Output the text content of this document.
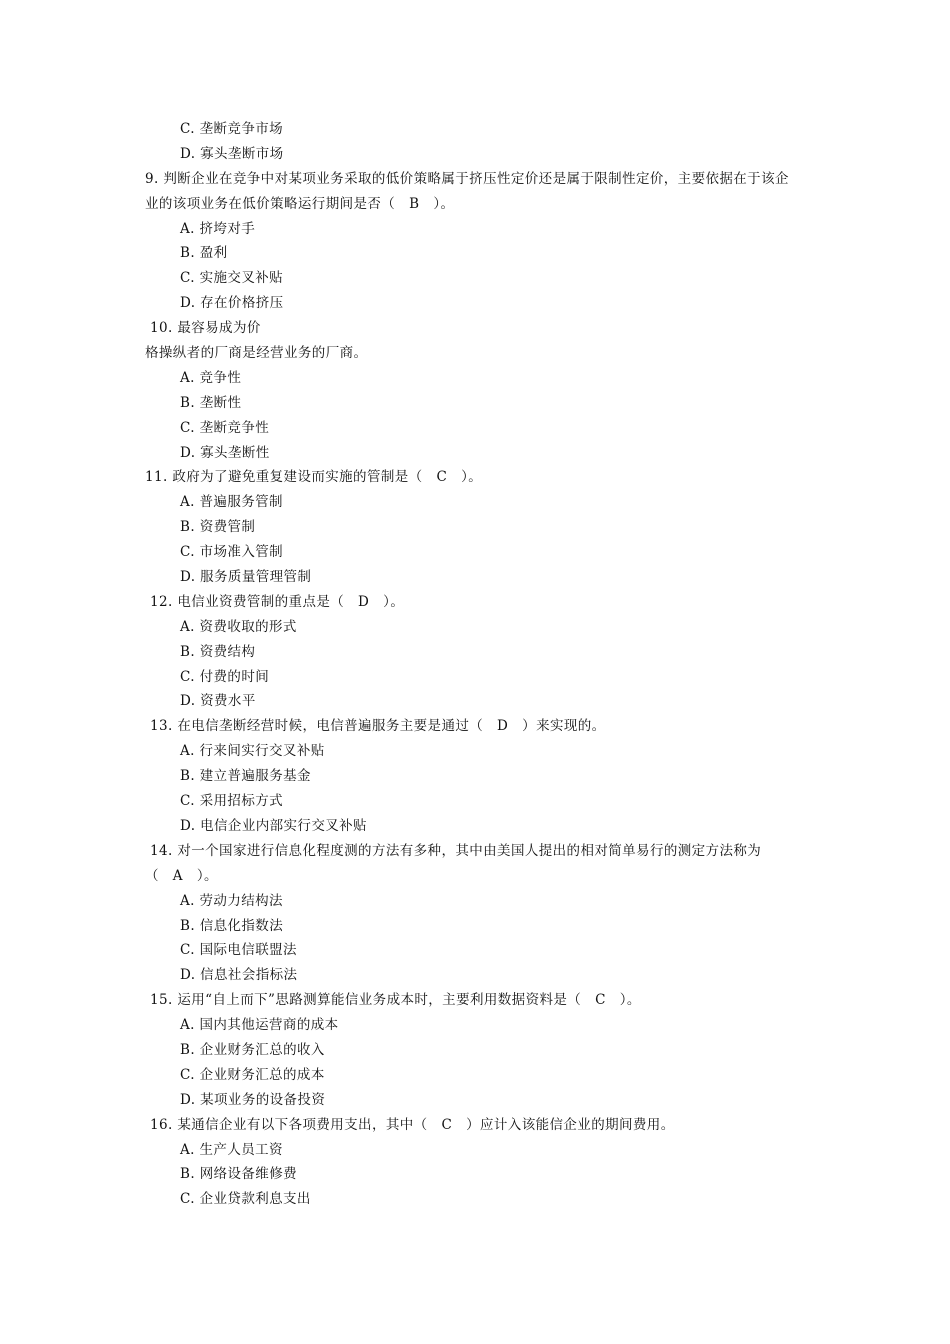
C. 垄断竞争市场
D. 寡头垄断市场
9. 判断企业在竞争中对某项业务采取的低价策略属于挤压性定价还是属于限制性定价，主要依据在于该企
业的该项业务在低价策略运行期间是否（　B　）。
A. 挤垮对手
B. 盈利
C. 实施交叉补贴
D. 存在价格挤压
10. 最容易成为价
格操纵者的厂商是经营业务的厂商。
A. 竞争性
B. 垄断性
C. 垄断竞争性
D. 寡头垄断性
11. 政府为了避免重复建设而实施的管制是（　C　）。
A. 普遍服务管制
B. 资费管制
C. 市场准入管制
D. 服务质量管理管制
12. 电信业资费管制的重点是（　D　）。
A. 资费收取的形式
B. 资费结构
C. 付费的时间
D. 资费水平
13. 在电信垄断经营时候，电信普遍服务主要是通过（　D　）来实现的。
A. 行来间实行交叉补贴
B. 建立普遍服务基金
C. 采用招标方式
D. 电信企业内部实行交叉补贴
14. 对一个国家进行信息化程度测的方法有多种，其中由美国人提出的相对简单易行的测定方法称为
（　A　）。
A. 劳动力结构法
B. 信息化指数法
C. 国际电信联盟法
D. 信息社会指标法
15. 运用“自上而下”思路测算能信业务成本时，主要利用数据资料是（　C　）。
A. 国内其他运营商的成本
B. 企业财务汇总的收入
C. 企业财务汇总的成本
D. 某项业务的设备投资
16. 某通信企业有以下各项费用支出，其中（　C　）应计入该能信企业的期间费用。
A. 生产人员工资
B. 网络设备维修费
C. 企业贷款利息支出
